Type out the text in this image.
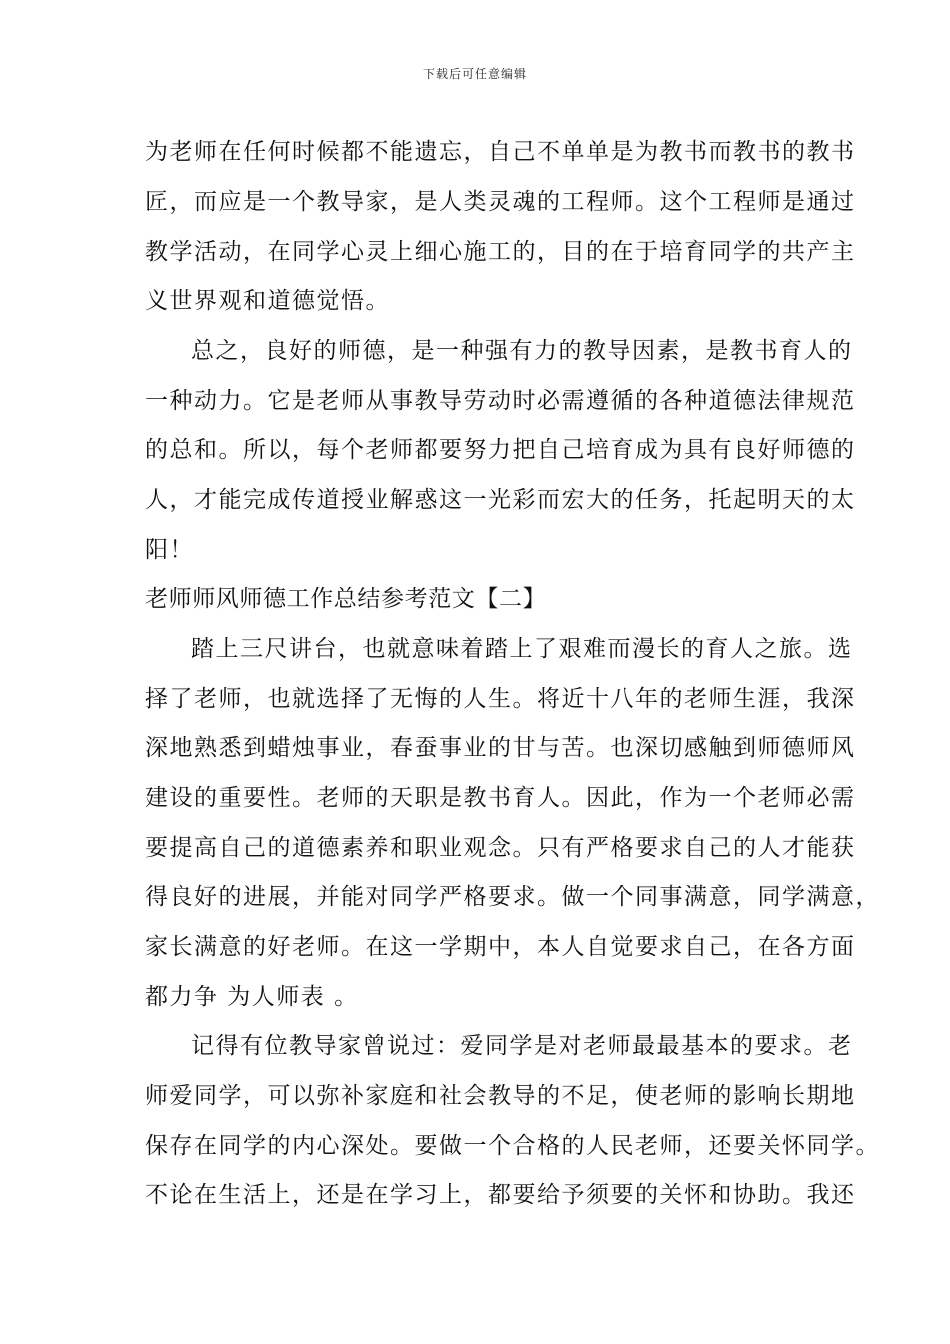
下载后可任意编辑
为老师在任何时候都不能遗忘，自己不单单是为教书而教书的教书
匠，而应是一个教导家，是人类灵魂的工程师。这个工程师是通过
教学活动，在同学心灵上细心施工的，目的在于培育同学的共产主
义世界观和道德觉悟。
总之，良好的师德，是一种强有力的教导因素，是教书育人的
一种动力。它是老师从事教导劳动时必需遵循的各种道德法律规范
的总和。所以，每个老师都要努力把自己培育成为具有良好师德的
人，才能完成传道授业解惑这一光彩而宏大的任务，托起明天的太
阳！
老师师风师德工作总结参考范文【二】
踏上三尺讲台，也就意味着踏上了艰难而漫长的育人之旅。选
择了老师，也就选择了无悔的人生。将近十八年的老师生涯，我深
深地熟悉到蜡烛事业，春蚕事业的甘与苦。也深切感触到师德师风
建设的重要性。老师的天职是教书育人。因此，作为一个老师必需
要提高自己的道德素养和职业观念。只有严格要求自己的人才能获
得良好的进展，并能对同学严格要求。做一个同事满意，同学满意，
家长满意的好老师。在这一学期中，本人自觉要求自己，在各方面
都力争 为人师表 。
记得有位教导家曾说过：爱同学是对老师最最基本的要求。老
师爱同学，可以弥补家庭和社会教导的不足，使老师的影响长期地
保存在同学的内心深处。要做一个合格的人民老师，还要关怀同学。
不论在生活上，还是在学习上，都要给予须要的关怀和协助。我还
